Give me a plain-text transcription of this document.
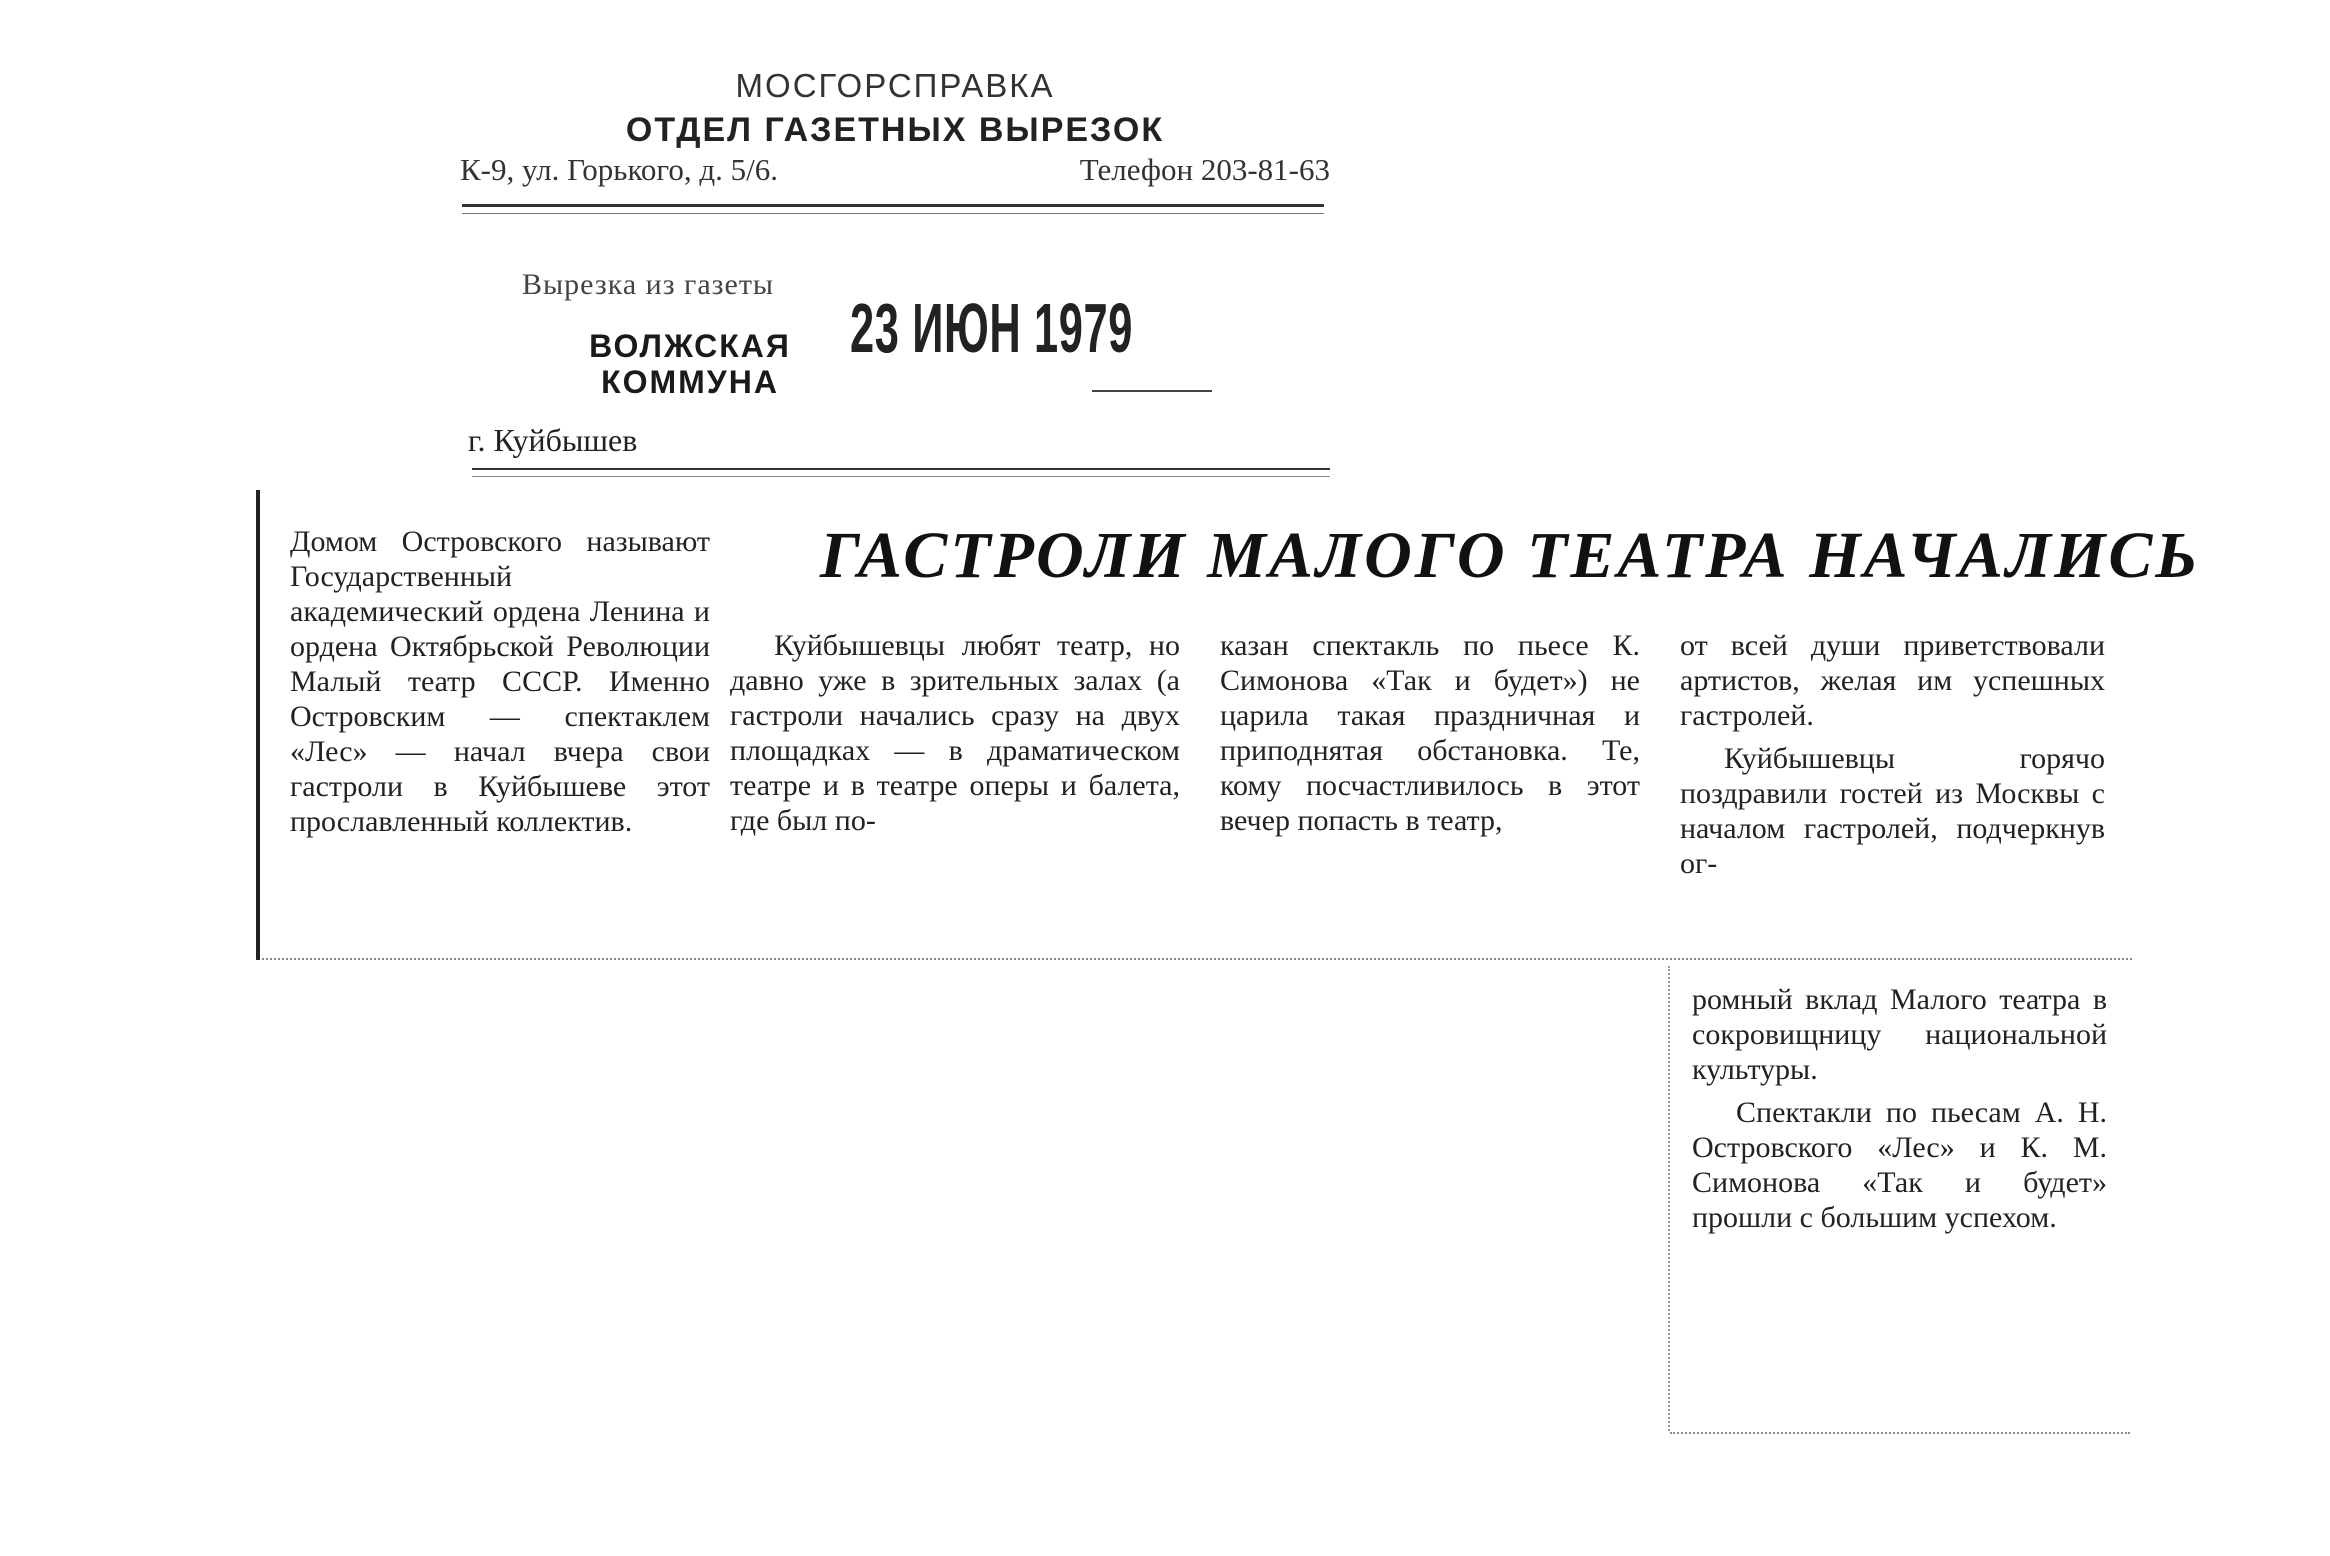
МОСГОРСПРАВКА
ОТДЕЛ ГАЗЕТНЫХ ВЫРЕЗОК
К-9, ул. Горького, д. 5/6.	Телефон 203-81-63
Вырезка из газеты
ВОЛЖСКАЯ
КОММУНА
23 ИЮН 1979
г. Куйбышев
Домом Островского называют Государственный академический ордена Ленина и ордена Октябрьской Революции Малый театр СССР. Именно Островским — спектаклем «Лес» — начал вчера свои гастроли в Куйбышеве этот прославленный коллектив.
ГАСТРОЛИ МАЛОГО ТЕАТРА НАЧАЛИСЬ

Куйбышевцы любят театр, но давно уже в зрительных залах (а гастроли начались сразу на двух площадках — в драматическом театре и в театре оперы и балета, где был по-

казан спектакль по пьесе К. Симонова «Так и будет») не царила такая праздничная и приподнятая обстановка. Те, кому посчастливилось в этот вечер попасть в театр,

от всей души приветствовали артистов, желая им успешных гастролей.

Куйбышевцы горячо поздравили гостей из Москвы с началом гастролей, подчеркнув ог-

ромный вклад Малого театра в сокровищницу национальной культуры.

Спектакли по пьесам А. Н. Островского «Лес» и К. М. Симонова «Так и будет» прошли с большим успехом.
